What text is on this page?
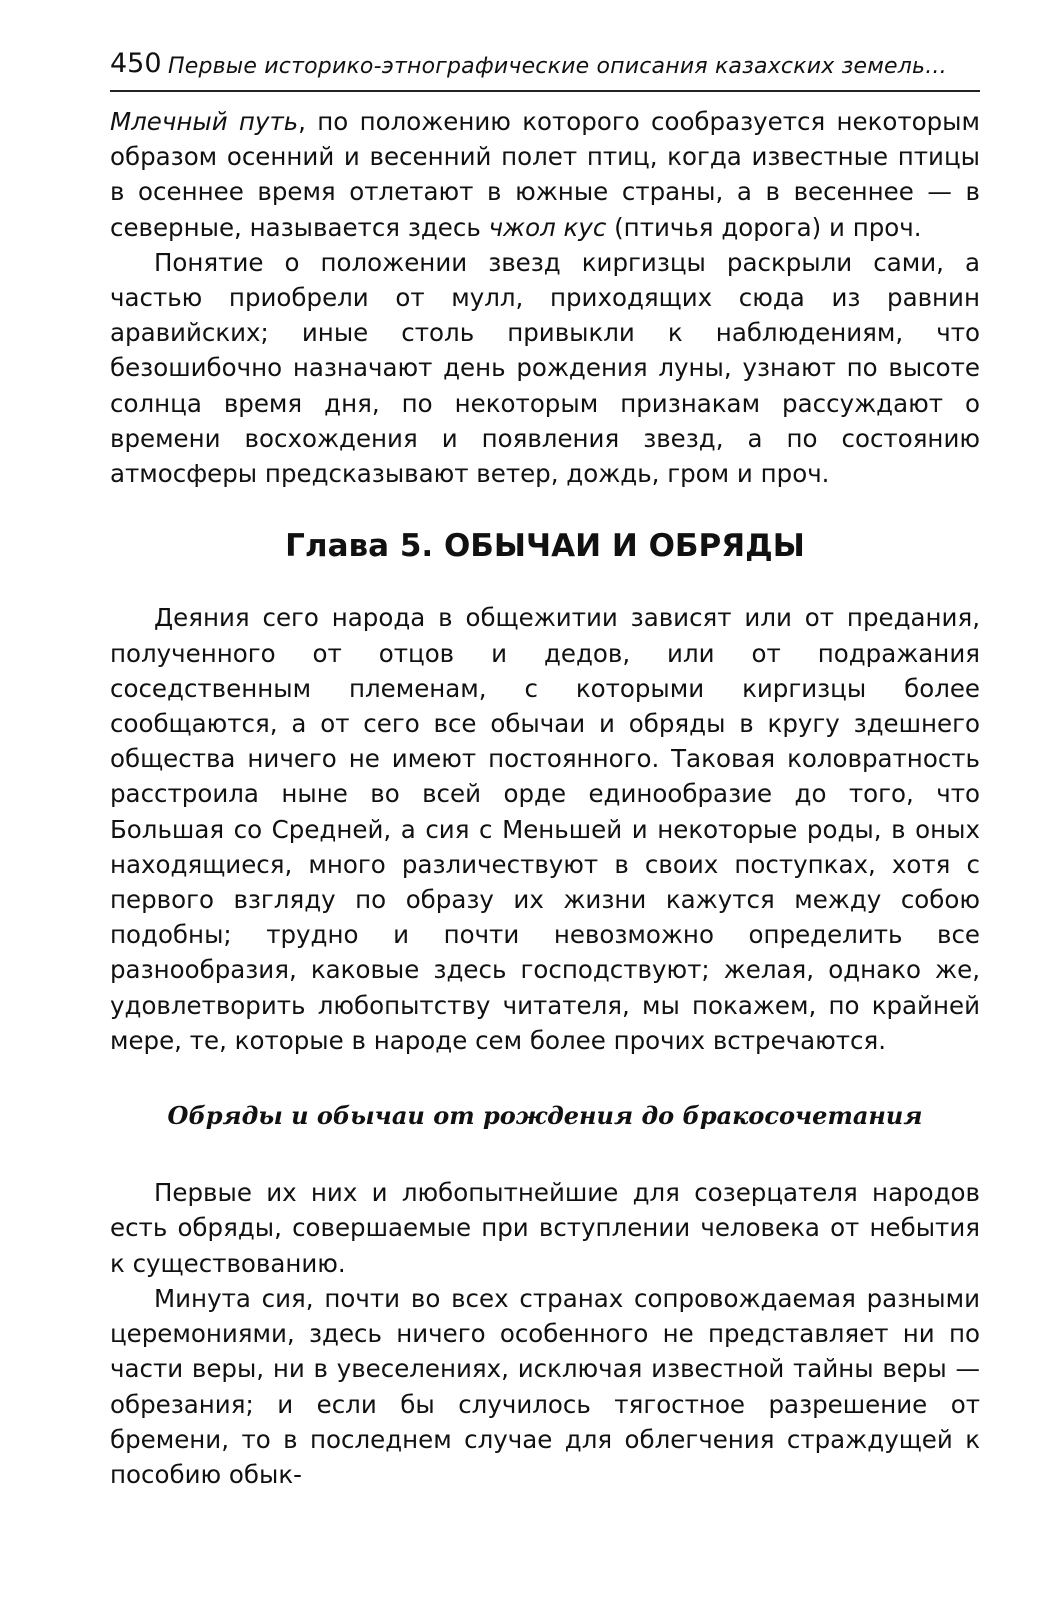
450 Первые историко-этнографические описания казахских земель...

Млечный путь, по положению которого сообразуется некоторым образом осенний и весенний полет птиц, когда известные птицы в осеннее время отлетают в южные страны, а в весеннее — в северные, называется здесь чжол кус (птичья дорога) и проч.

Понятие о положении звезд киргизцы раскрыли сами, а частью приобрели от мулл, приходящих сюда из равнин аравийских; иные столь привыкли к наблюдениям, что безошибочно назначают день рождения луны, узнают по высоте солнца время дня, по некоторым признакам рассуждают о времени восхождения и появления звезд, а по состоянию атмосферы предсказывают ветер, дождь, гром и проч.

Глава 5. ОБЫЧАИ И ОБРЯДЫ

Деяния сего народа в общежитии зависят или от предания, полученного от отцов и дедов, или от подражания соседственным племенам, с которыми киргизцы более сообщаются, а от сего все обычаи и обряды в кругу здешнего общества ничего не имеют постоянного. Таковая коловратность расстроила ныне во всей орде единообразие до того, что Большая со Средней, а сия с Меньшей и некоторые роды, в оных находящиеся, много различествуют в своих поступках, хотя с первого взгляду по образу их жизни кажутся между собою подобны; трудно и почти невозможно определить все разнообразия, каковые здесь господствуют; желая, однако же, удовлетворить любопытству читателя, мы покажем, по крайней мере, те, которые в народе сем более прочих встречаются.

Обряды и обычаи от рождения до бракосочетания

Первые их них и любопытнейшие для созерцателя народов есть обряды, совершаемые при вступлении человека от небытия к существованию.

Минута сия, почти во всех странах сопровождаемая разными церемониями, здесь ничего особенного не представляет ни по части веры, ни в увеселениях, исключая известной тайны веры — обрезания; и если бы случилось тягостное разрешение от бремени, то в последнем случае для облегчения страждущей к пособию обык-
